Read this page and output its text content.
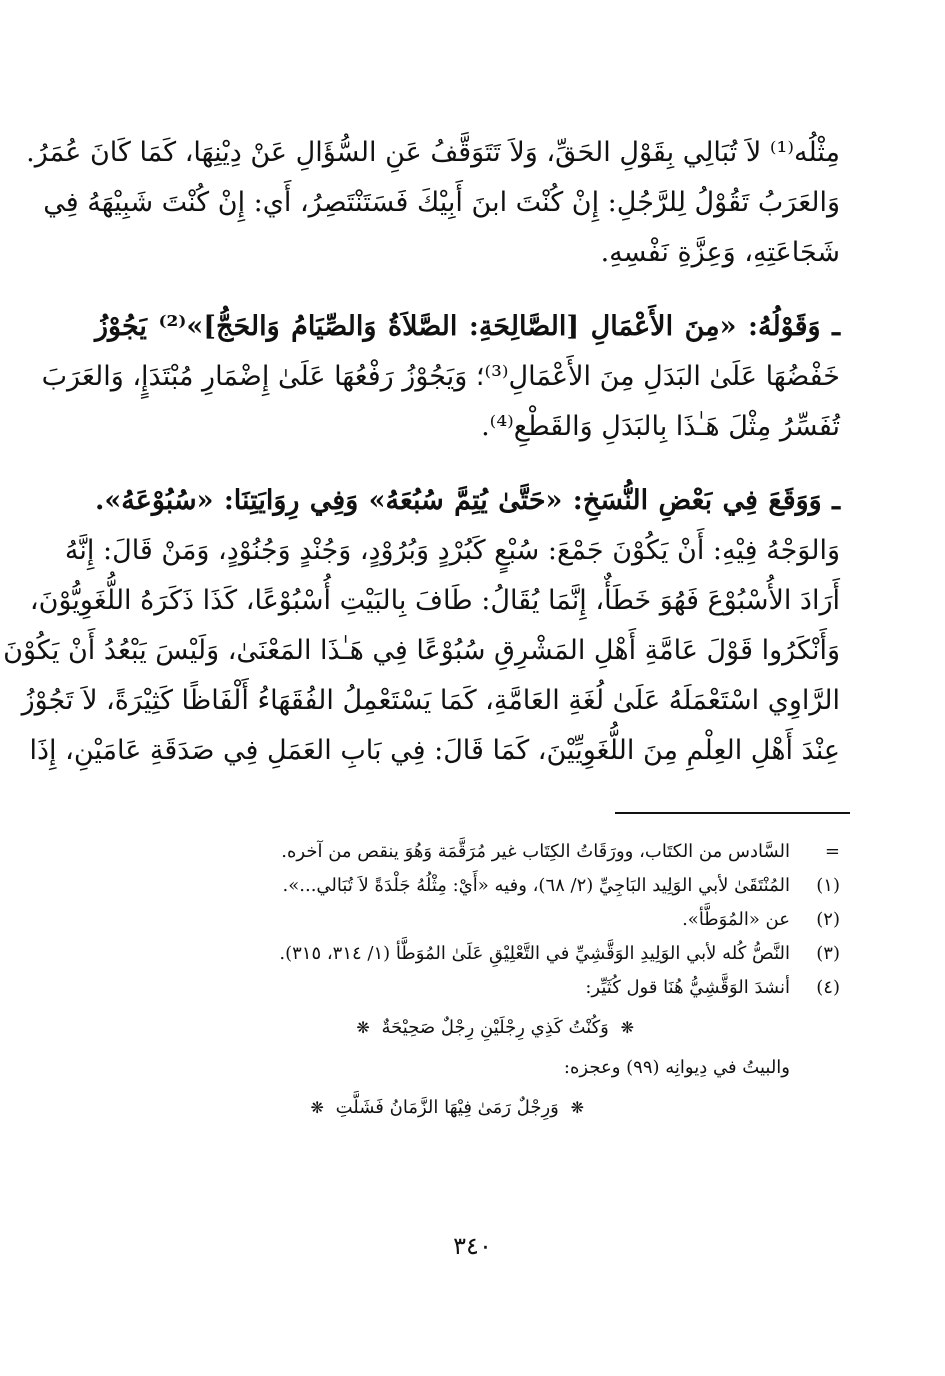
مِثْلُه⁽¹⁾ لاَ تُبَالِي بِقَوْلِ الحَقِّ، وَلاَ تَتَوَقَّفُ عَنِ السُّؤَالِ عَنْ دِيْنِهَا، كَمَا كَانَ عُمَرُ.
وَالعَرَبُ تَقُوْلُ لِلرَّجُلِ: إِنْ كُنْتَ ابنَ أَبِيْكَ فَسَتَنْتَصِرُ، أَي: إِنْ كُنْتَ شَبِيْهَهُ فِي
شَجَاعَتِهِ، وَعِزَّةِ نَفْسِهِ.

ـ وَقَوْلُهُ: «مِنَ الأَعْمَالِ [الصَّالِحَةِ: الصَّلاَةُ وَالصِّيَامُ وَالحَجُّ]»⁽²⁾ يَجُوْزُ
خَفْضُهَا عَلَىٰ البَدَلِ مِنَ الأَعْمَالِ⁽³⁾؛ وَيَجُوْزُ رَفْعُهَا عَلَىٰ إِضْمَارِ مُبْتَدَإٍ، وَالعَرَبَ
تُفَسِّرُ مِثْلَ هَـٰذَا بِالبَدَلِ وَالقَطْعِ⁽⁴⁾.

ـ وَوَقَعَ فِي بَعْضِ النُّسَخِ: «حَتَّىٰ يُتِمَّ سُبُعَهُ» وَفِي رِوَايَتِنَا: «سُبُوْعَهُ».
وَالوَجْهُ فِيْهِ: أَنْ يَكُوْنَ جَمْعَ: سُبْعٍ كَبُرْدٍ وَبُرُوْدٍ، وَجُنْدٍ وَجُنُوْدٍ، وَمَنْ قَالَ: إِنَّهُ
أَرَادَ الأُسْبُوْعَ فَهُوَ خَطَأٌ، إِنَّمَا يُقَالُ: طَافَ بِالبَيْتِ أُسْبُوْعًا، كَذَا ذَكَرَهُ اللُّغَوِيُّوْنَ،
وَأَنْكَرُوا قَوْلَ عَامَّةِ أَهْلِ المَشْرِقِ سُبُوْعًا فِي هَـٰذَا المَعْنَىٰ، وَلَيْسَ يَبْعُدُ أَنْ يَكُوْنَ
الرَّاوِي اسْتَعْمَلَهُ عَلَىٰ لُغَةِ العَامَّةِ، كَمَا يَسْتَعْمِلُ الفُقَهَاءُ أَلْفَاظًا كَثِيْرَةً، لاَ تَجُوْزُ
عِنْدَ أَهْلِ العِلْمِ مِنَ اللُّغَوِيِّيْنَ، كَمَا قَالَ: فِي بَابِ العَمَلِ فِي صَدَقَةِ عَامَيْنِ، إِذَا

=
السَّادس من الكتَاب، وورَقَاتُ الكِتَاب غير مُرَقَّمَة وَهُوَ ينقص من آخره.
(١)
المُنْتَقَىٰ لأبي الوَلِيد البَاجِيِّ (٢/ ٦٨)، وفيه «أَيْ: مِثْلُهُ جَلْدَةً لاَ تُبَالي...».
(٢)
عن «المُوَطَّأ».
(٣)
النَّصُّ كُله لأبي الوَلِيدِ الوَقَّشِيِّ في التَّعْلِيْقِ عَلَىٰ المُوَطَّأ (١/ ٣١٤، ٣١٥).
(٤)
أنشدَ الوَقَّشِيُّ هُنَا قول كُثَيِّر:
❋ وَكُنْتُ كَذِي رِجْلَيْنِ رِجْلٌ صَحِيْحَةٌ ❋
والبيتُ في دِيوانِه (٩٩) وعجزه:
❋ وَرِجْلٌ رَمَىٰ فِيْهَا الزَّمَانُ فَشَلَّتِ ❋
٣٤٠
